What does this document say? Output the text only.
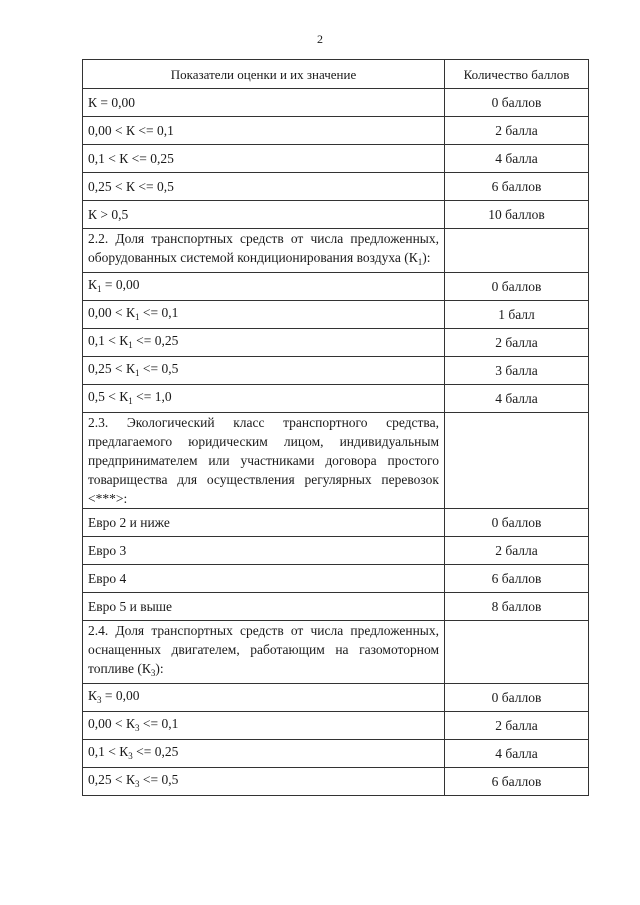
2
Показатели оценки и их значение	Количество баллов
К = 0,00	0 баллов
0,00 < К <= 0,1	2 балла
0,1 < К <= 0,25	4 балла
0,25 < К <= 0,5	6 баллов
К > 0,5	10 баллов
2.2. Доля транспортных средств от числа предложенных, оборудованных системой кондиционирования воздуха $(К_1)$:	
$К_1 = 0,00$	0 баллов
$0,00 < К_1 <= 0,1$	1 балл
$0,1 < К_1 <= 0,25$	2 балла
$0,25 < К_1 <= 0,5$	3 балла
$0,5 < К_1 <= 1,0$	4 балла
2.3. Экологический класс транспортного средства, предлагаемого юридическим лицом, индивидуальным предпринимателем или участниками договора простого товарищества для осуществления регулярных перевозок <***>:	
Евро 2 и ниже	0 баллов
Евро 3	2 балла
Евро 4	6 баллов
Евро 5 и выше	8 баллов
2.4. Доля транспортных средств от числа предложенных, оснащенных двигателем, работающим на газомоторном топливе $(К_3)$:	
$К_3 = 0,00$	0 баллов
$0,00 < К_3 <= 0,1$	2 балла
$0,1 < К_3 <= 0,25$	4 балла
$0,25 < К_3 <= 0,5$	6 баллов
